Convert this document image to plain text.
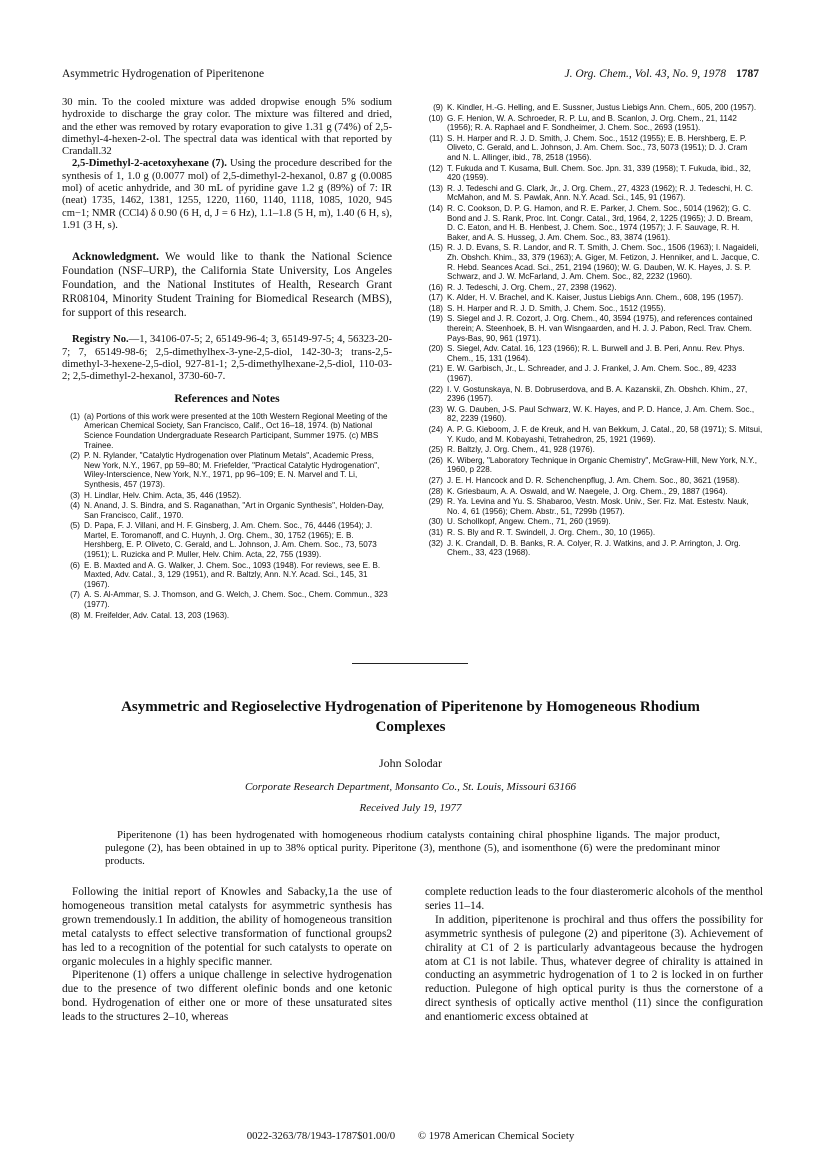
Asymmetric Hydrogenation of Piperitenone	J. Org. Chem., Vol. 43, No. 9, 1978 1787

30 min. To the cooled mixture was added dropwise enough 5% sodium hydroxide to discharge the gray color. The mixture was filtered and dried, and the ether was removed by rotary evaporation to give 1.31 g (74%) of 2,5-dimethyl-4-hexen-2-ol. The spectral data was identical with that reported by Crandall.32

2,5-Dimethyl-2-acetoxyhexane (7). Using the procedure described for the synthesis of 1, 1.0 g (0.0077 mol) of 2,5-dimethyl-2-hexanol, 0.87 g (0.0085 mol) of acetic anhydride, and 30 mL of pyridine gave 1.2 g (89%) of 7: IR (neat) 1735, 1462, 1381, 1255, 1220, 1160, 1140, 1118, 1085, 1020, 945 cm−1; NMR (CCl4) δ 0.90 (6 H, d, J = 6 Hz), 1.1–1.8 (5 H, m), 1.40 (6 H, s), 1.91 (3 H, s).

Acknowledgment. We would like to thank the National Science Foundation (NSF–URP), the California State University, Los Angeles Foundation, and the National Institutes of Health, Research Grant RR08104, Minority Student Training for Biomedical Research (MBS), for support of this research.
Registry No.—1, 34106-07-5; 2, 65149-96-4; 3, 65149-97-5; 4, 56323-20-7; 7, 65149-98-6; 2,5-dimethylhex-3-yne-2,5-diol, 142-30-3; trans-2,5-dimethyl-3-hexene-2,5-diol, 927-81-1; 2,5-dimethylhexane-2,5-diol, 110-03-2; 2,5-dimethyl-2-hexanol, 3730-60-7.
References and Notes
(1) (a) Portions of this work were presented at the 10th Western Regional Meeting of the American Chemical Society, San Francisco, Calif., Oct 16–18, 1974. (b) National Science Foundation Undergraduate Research Participant, Summer 1975. (c) MBS Trainee.
(2) P. N. Rylander, "Catalytic Hydrogenation over Platinum Metals", Academic Press, New York, N.Y., 1967, pp 59–80; M. Friefelder, "Practical Catalytic Hydrogenation", Wiley-Interscience, New York, N.Y., 1971, pp 96–109; E. N. Marvel and T. Li, Synthesis, 457 (1973).
(3) H. Lindlar, Helv. Chim. Acta, 35, 446 (1952).
(4) N. Anand, J. S. Bindra, and S. Raganathan, "Art in Organic Synthesis", Holden-Day, San Francisco, Calif., 1970.
(5) D. Papa, F. J. Villani, and H. F. Ginsberg, J. Am. Chem. Soc., 76, 4446 (1954); J. Martel, E. Toromanoff, and C. Huynh, J. Org. Chem., 30, 1752 (1965); E. B. Hershberg, E. P. Oliveto, C. Gerald, and L. Johnson, J. Am. Chem. Soc., 73, 5073 (1951); L. Ruzicka and P. Muller, Helv. Chim. Acta, 22, 755 (1939).
(6) E. B. Maxted and A. G. Walker, J. Chem. Soc., 1093 (1948). For reviews, see E. B. Maxted, Adv. Catal., 3, 129 (1951), and R. Baltzly, Ann. N.Y. Acad. Sci., 145, 31 (1967).
(7) A. S. Al-Ammar, S. J. Thomson, and G. Welch, J. Chem. Soc., Chem. Commun., 323 (1977).
(8) M. Freifelder, Adv. Catal. 13, 203 (1963).
(9) K. Kindler, H.-G. Helling, and E. Sussner, Justus Liebigs Ann. Chem., 605, 200 (1957).
(10) G. F. Henion, W. A. Schroeder, R. P. Lu, and B. Scanlon, J. Org. Chem., 21, 1142 (1956); R. A. Raphael and F. Sondheimer, J. Chem. Soc., 2693 (1951).
(11) S. H. Harper and R. J. D. Smith, J. Chem. Soc., 1512 (1955); E. B. Hershberg, E. P. Oliveto, C. Gerald, and L. Johnson, J. Am. Chem. Soc., 73, 5073 (1951); D. J. Cram and N. L. Allinger, ibid., 78, 2518 (1956).
(12) T. Fukuda and T. Kusama, Bull. Chem. Soc. Jpn. 31, 339 (1958); T. Fukuda, ibid., 32, 420 (1959).
(13) R. J. Tedeschi and G. Clark, Jr., J. Org. Chem., 27, 4323 (1962); R. J. Tedeschi, H. C. McMahon, and M. S. Pawlak, Ann. N.Y. Acad. Sci., 145, 91 (1967).
(14) R. C. Cookson, D. P. G. Hamon, and R. E. Parker, J. Chem. Soc., 5014 (1962); G. C. Bond and J. S. Rank, Proc. Int. Congr. Catal., 3rd, 1964, 2, 1225 (1965); J. D. Bream, D. C. Eaton, and H. B. Henbest, J. Chem. Soc., 1974 (1957); J. F. Sauvage, R. H. Baker, and A. S. Husseg, J. Am. Chem. Soc., 83, 3874 (1961).
(15) R. J. D. Evans, S. R. Landor, and R. T. Smith, J. Chem. Soc., 1506 (1963); I. Nagaideli, Zh. Obshch. Khim., 33, 379 (1963); A. Giger, M. Fetizon, J. Henniker, and L. Jacque, C. R. Hebd. Seances Acad. Sci., 251, 2194 (1960); W. G. Dauben, W. K. Hayes, J. S. P. Schwarz, and J. W. McFarland, J. Am. Chem. Soc., 82, 2232 (1960).
(16) R. J. Tedeschi, J. Org. Chem., 27, 2398 (1962).
(17) K. Alder, H. V. Brachel, and K. Kaiser, Justus Liebigs Ann. Chem., 608, 195 (1957).
(18) S. H. Harper and R. J. D. Smith, J. Chem. Soc., 1512 (1955).
(19) S. Siegel and J. R. Cozort, J. Org. Chem., 40, 3594 (1975), and references contained therein; A. Steenhoek, B. H. van Wisngaarden, and H. J. J. Pabon, Recl. Trav. Chem. Pays-Bas, 90, 961 (1971).
(20) S. Siegel, Adv. Catal. 16, 123 (1966); R. L. Burwell and J. B. Peri, Annu. Rev. Phys. Chem., 15, 131 (1964).
(21) E. W. Garbisch, Jr., L. Schreader, and J. J. Frankel, J. Am. Chem. Soc., 89, 4233 (1967).
(22) I. V. Gostunskaya, N. B. Dobruserdova, and B. A. Kazanskii, Zh. Obshch. Khim., 27, 2396 (1957).
(23) W. G. Dauben, J-S. Paul Schwarz, W. K. Hayes, and P. D. Hance, J. Am. Chem. Soc., 82, 2239 (1960).
(24) A. P. G. Kieboom, J. F. de Kreuk, and H. van Bekkum, J. Catal., 20, 58 (1971); S. Mitsui, Y. Kudo, and M. Kobayashi, Tetrahedron, 25, 1921 (1969).
(25) R. Baltzly, J. Org. Chem., 41, 928 (1976).
(26) K. Wiberg, "Laboratory Technique in Organic Chemistry", McGraw-Hill, New York, N.Y., 1960, p 228.
(27) J. E. H. Hancock and D. R. Schenchenpflug, J. Am. Chem. Soc., 80, 3621 (1958).
(28) K. Griesbaum, A. A. Oswald, and W. Naegele, J. Org. Chem., 29, 1887 (1964).
(29) R. Ya. Levina and Yu. S. Shabaroo, Vestn. Mosk. Univ., Ser. Fiz. Mat. Estestv. Nauk, No. 4, 61 (1956); Chem. Abstr., 51, 7299b (1957).
(30) U. Schollkopf, Angew. Chem., 71, 260 (1959).
(31) R. S. Bly and R. T. Swindell, J. Org. Chem., 30, 10 (1965).
(32) J. K. Crandall, D. B. Banks, R. A. Colyer, R. J. Watkins, and J. P. Arrington, J. Org. Chem., 33, 423 (1968).
Asymmetric and Regioselective Hydrogenation of Piperitenone by Homogeneous Rhodium Complexes
John Solodar
Corporate Research Department, Monsanto Co., St. Louis, Missouri 63166
Received July 19, 1977

Piperitenone (1) has been hydrogenated with homogeneous rhodium catalysts containing chiral phosphine ligands. The major product, pulegone (2), has been obtained in up to 38% optical purity. Piperitone (3), menthone (5), and isomenthone (6) were the predominant minor products.

Following the initial report of Knowles and Sabacky,1a the use of homogeneous transition metal catalysts for asymmetric synthesis has grown tremendously.1 In addition, the ability of homogeneous transition metal catalysts to effect selective transformation of functional groups2 has led to a recognition of the potential for such catalysts to operate on organic molecules in a highly specific manner.

Piperitenone (1) offers a unique challenge in selective hydrogenation due to the presence of two different olefinic bonds and one ketonic bond. Hydrogenation of either one or more of these unsaturated sites leads to the structures 2–10, whereas

complete reduction leads to the four diasteromeric alcohols of the menthol series 11–14.

In addition, piperitenone is prochiral and thus offers the possibility for asymmetric synthesis of pulegone (2) and piperitone (3). Achievement of chirality at C1 of 2 is particularly advantageous because the hydrogen atom at C1 is not labile. Thus, whatever degree of chirality is attained in conducting an asymmetric hydrogenation of 1 to 2 is locked in on further reduction. Pulegone of high optical purity is thus the cornerstone of a direct synthesis of optically active menthol (11) since the configuration and enantiomeric excess obtained at

0022-3263/78/1943-1787$01.00/0 © 1978 American Chemical Society
